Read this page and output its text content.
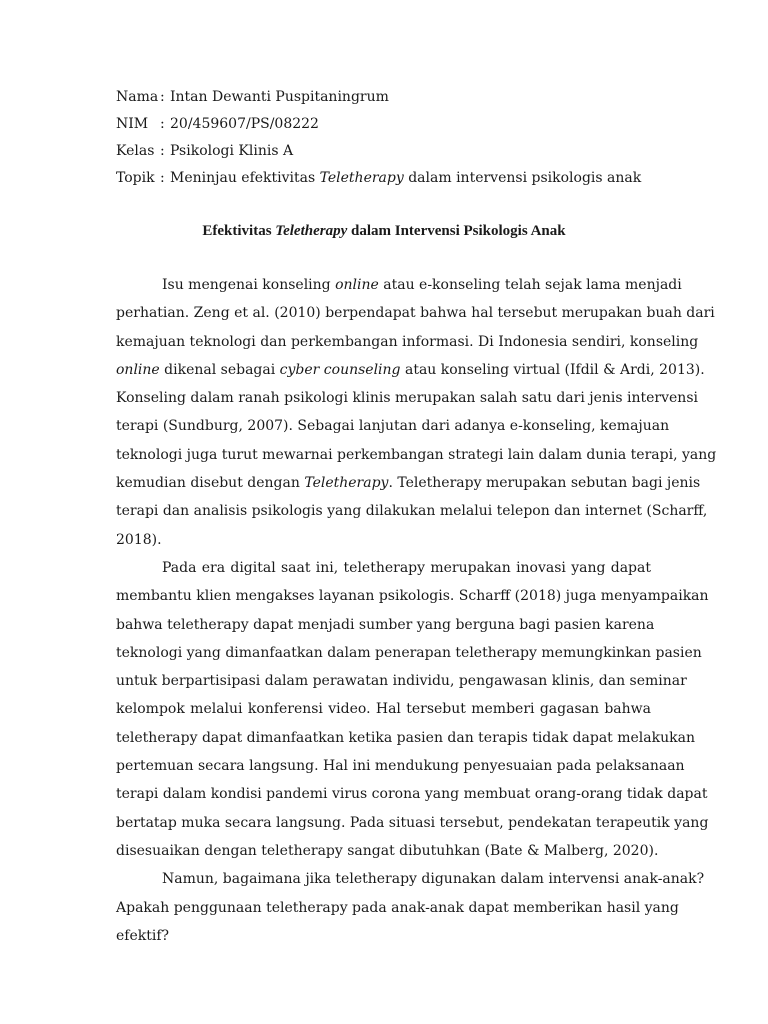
Nama : Intan Dewanti Puspitaningrum
NIM : 20/459607/PS/08222
Kelas : Psikologi Klinis A
Topik : Meninjau efektivitas Teletherapy dalam intervensi psikologis anak
Efektivitas Teletherapy dalam Intervensi Psikologis Anak
Isu mengenai konseling online atau e-konseling telah sejak lama menjadi
perhatian. Zeng et al. (2010) berpendapat bahwa hal tersebut merupakan buah dari
kemajuan teknologi dan perkembangan informasi. Di Indonesia sendiri, konseling
online dikenal sebagai cyber counseling atau konseling virtual (Ifdil & Ardi, 2013).
Konseling dalam ranah psikologi klinis merupakan salah satu dari jenis intervensi
terapi (Sundburg, 2007). Sebagai lanjutan dari adanya e-konseling, kemajuan
teknologi juga turut mewarnai perkembangan strategi lain dalam dunia terapi, yang
kemudian disebut dengan Teletherapy. Teletherapy merupakan sebutan bagi jenis
terapi dan analisis psikologis yang dilakukan melalui telepon dan internet (Scharff,
2018).
Pada era digital saat ini, teletherapy merupakan inovasi yang dapat
membantu klien mengakses layanan psikologis. Scharff (2018) juga menyampaikan
bahwa teletherapy dapat menjadi sumber yang berguna bagi pasien karena
teknologi yang dimanfaatkan dalam penerapan teletherapy memungkinkan pasien
untuk berpartisipasi dalam perawatan individu, pengawasan klinis, dan seminar
kelompok melalui konferensi video. Hal tersebut memberi gagasan bahwa
teletherapy dapat dimanfaatkan ketika pasien dan terapis tidak dapat melakukan
pertemuan secara langsung. Hal ini mendukung penyesuaian pada pelaksanaan
terapi dalam kondisi pandemi virus corona yang membuat orang-orang tidak dapat
bertatap muka secara langsung. Pada situasi tersebut, pendekatan terapeutik yang
disesuaikan dengan teletherapy sangat dibutuhkan (Bate & Malberg, 2020).
Namun, bagaimana jika teletherapy digunakan dalam intervensi anak-anak?
Apakah penggunaan teletherapy pada anak-anak dapat memberikan hasil yang
efektif?
